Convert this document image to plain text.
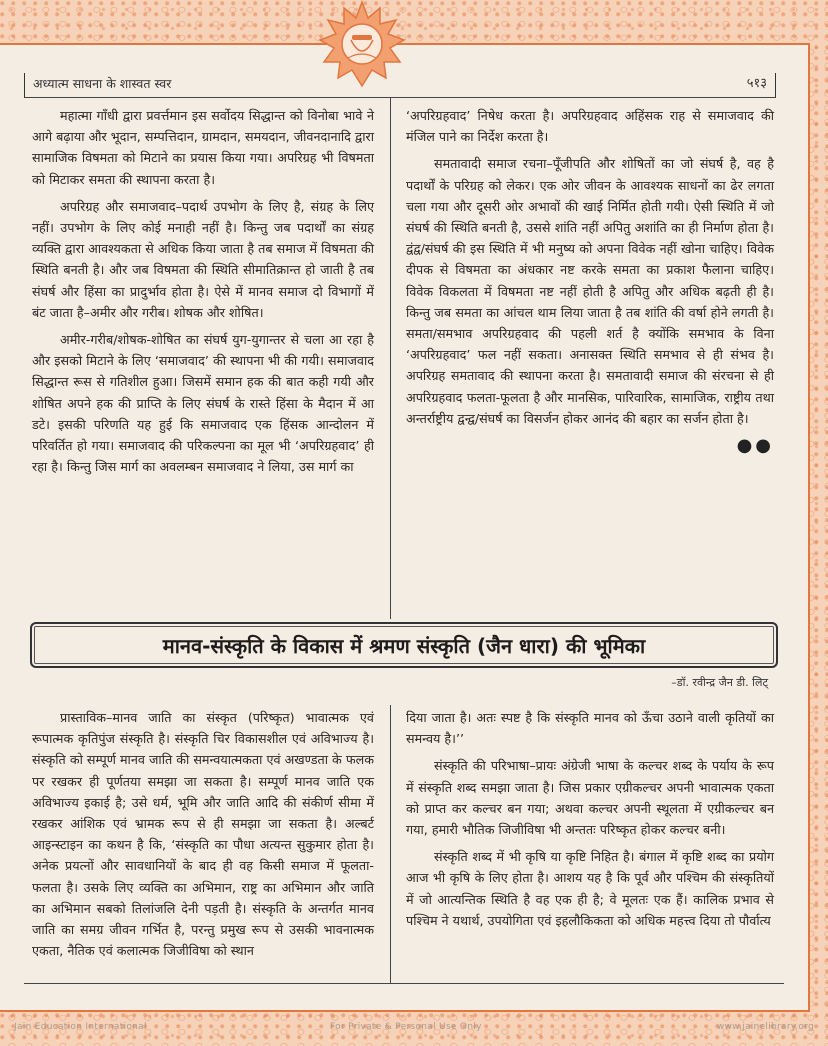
अध्यात्म साधना के शास्वत स्वर	५१३

महात्मा गाँधी द्वारा प्रवर्त्तमान इस सर्वोदय सिद्धान्त को विनोबा भावे ने आगे बढ़ाया और भूदान, सम्पत्तिदान, ग्रामदान, समयदान, जीवनदानादि द्वारा सामाजिक विषमता को मिटाने का प्रयास किया गया। अपरिग्रह भी विषमता को मिटाकर समता की स्थापना करता है।

अपरिग्रह और समाजवाद–पदार्थ उपभोग के लिए है, संग्रह के लिए नहीं। उपभोग के लिए कोई मनाही नहीं है। किन्तु जब पदार्थों का संग्रह व्यक्ति द्वारा आवश्यकता से अधिक किया जाता है तब समाज में विषमता की स्थिति बनती है। और जब विषमता की स्थिति सीमातिक्रान्त हो जाती है तब संघर्ष और हिंसा का प्रादुर्भाव होता है। ऐसे में मानव समाज दो विभागों में बंट जाता है–अमीर और गरीब। शोषक और शोषित।

अमीर-गरीब/शोषक-शोषित का संघर्ष युग-युगान्तर से चला आ रहा है और इसको मिटाने के लिए ‘समाजवाद’ की स्थापना भी की गयी। समाजवाद सिद्धान्त रूस से गतिशील हुआ। जिसमें समान हक की बात कही गयी और शोषित अपने हक की प्राप्ति के लिए संघर्ष के रास्ते हिंसा के मैदान में आ डटे। इसकी परिणति यह हुई कि समाजवाद एक हिंसक आन्दोलन में परिवर्तित हो गया। समाजवाद की परिकल्पना का मूल भी ‘अपरिग्रहवाद’ ही रहा है। किन्तु जिस मार्ग का अवलम्बन समाजवाद ने लिया, उस मार्ग का

‘अपरिग्रहवाद’ निषेध करता है। अपरिग्रहवाद अहिंसक राह से समाजवाद की मंजिल पाने का निर्देश करता है।

समतावादी समाज रचना–पूँजीपति और शोषितों का जो संघर्ष है, वह है पदार्थों के परिग्रह को लेकर। एक ओर जीवन के आवश्यक साधनों का ढेर लगता चला गया और दूसरी ओर अभावों की खाई निर्मित होती गयी। ऐसी स्थिति में जो संघर्ष की स्थिति बनती है, उससे शांति नहीं अपितु अशांति का ही निर्माण होता है। द्वंद्व/संघर्ष की इस स्थिति में भी मनुष्य को अपना विवेक नहीं खोना चाहिए। विवेक दीपक से विषमता का अंधकार नष्ट करके समता का प्रकाश फैलाना चाहिए। विवेक विकलता में विषमता नष्ट नहीं होती है अपितु और अधिक बढ़ती ही है। किन्तु जब समता का आंचल थाम लिया जाता है तब शांति की वर्षा होने लगती है। समता/समभाव अपरिग्रहवाद की पहली शर्त है क्योंकि समभाव के विना ‘अपरिग्रहवाद’ फल नहीं सकता। अनासक्त स्थिति समभाव से ही संभव है। अपरिग्रह समतावाद की स्थापना करता है। समतावादी समाज की संरचना से ही अपरिग्रहवाद फलता-फूलता है और मानसिक, पारिवारिक, सामाजिक, राष्ट्रीय तथा अन्तर्राष्ट्रीय द्वन्द्व/संघर्ष का विसर्जन होकर आनंद की बहार का सर्जन होता है।

●●
मानव-संस्कृति के विकास में श्रमण संस्कृति (जैन धारा) की भूमिका
–डॉ. रवीन्द्र जैन डी. लिट्

प्रास्ताविक–मानव जाति का संस्कृत (परिष्कृत) भावात्मक एवं रूपात्मक कृतिपुंज संस्कृति है। संस्कृति चिर विकासशील एवं अविभाज्य है। संस्कृति को सम्पूर्ण मानव जाति की समन्वयात्मकता एवं अखण्डता के फलक पर रखकर ही पूर्णतया समझा जा सकता है। सम्पूर्ण मानव जाति एक अविभाज्य इकाई है; उसे धर्म, भूमि और जाति आदि की संकीर्ण सीमा में रखकर आंशिक एवं भ्रामक रूप से ही समझा जा सकता है। अल्बर्ट आइन्स्टाइन का कथन है कि, ‘संस्कृति का पौधा अत्यन्त सुकुमार होता है। अनेक प्रयत्नों और सावधानियों के बाद ही वह किसी समाज में फूलता-फलता है। उसके लिए व्यक्ति का अभिमान, राष्ट्र का अभिमान और जाति का अभिमान सबको तिलांजलि देनी पड़ती है। संस्कृति के अन्तर्गत मानव जाति का समग्र जीवन गर्भित है, परन्तु प्रमुख रूप से उसकी भावनात्मक एकता, नैतिक एवं कलात्मक जिजीविषा को स्थान

दिया जाता है। अतः स्पष्ट है कि संस्कृति मानव को ऊँचा उठाने वाली कृतियों का समन्वय है।’’

संस्कृति की परिभाषा–प्रायः अंग्रेजी भाषा के कल्चर शब्द के पर्याय के रूप में संस्कृति शब्द समझा जाता है। जिस प्रकार एग्रीकल्चर अपनी भावात्मक एकता को प्राप्त कर कल्चर बन गया; अथवा कल्चर अपनी स्थूलता में एग्रीकल्चर बन गया, हमारी भौतिक जिजीविषा भी अन्ततः परिष्कृत होकर कल्चर बनी।

संस्कृति शब्द में भी कृषि या कृष्टि निहित है। बंगाल में कृष्टि शब्द का प्रयोग आज भी कृषि के लिए होता है। आशय यह है कि पूर्व और पश्चिम की संस्कृतियों में जो आत्यन्तिक स्थिति है वह एक ही है; वे मूलतः एक हैं। कालिक प्रभाव से पश्चिम ने यथार्थ, उपयोगिता एवं इहलौकिकता को अधिक महत्त्व दिया तो पौर्वात्य

Jain Education International	For Private & Personal Use Only	www.jainelibrary.org
